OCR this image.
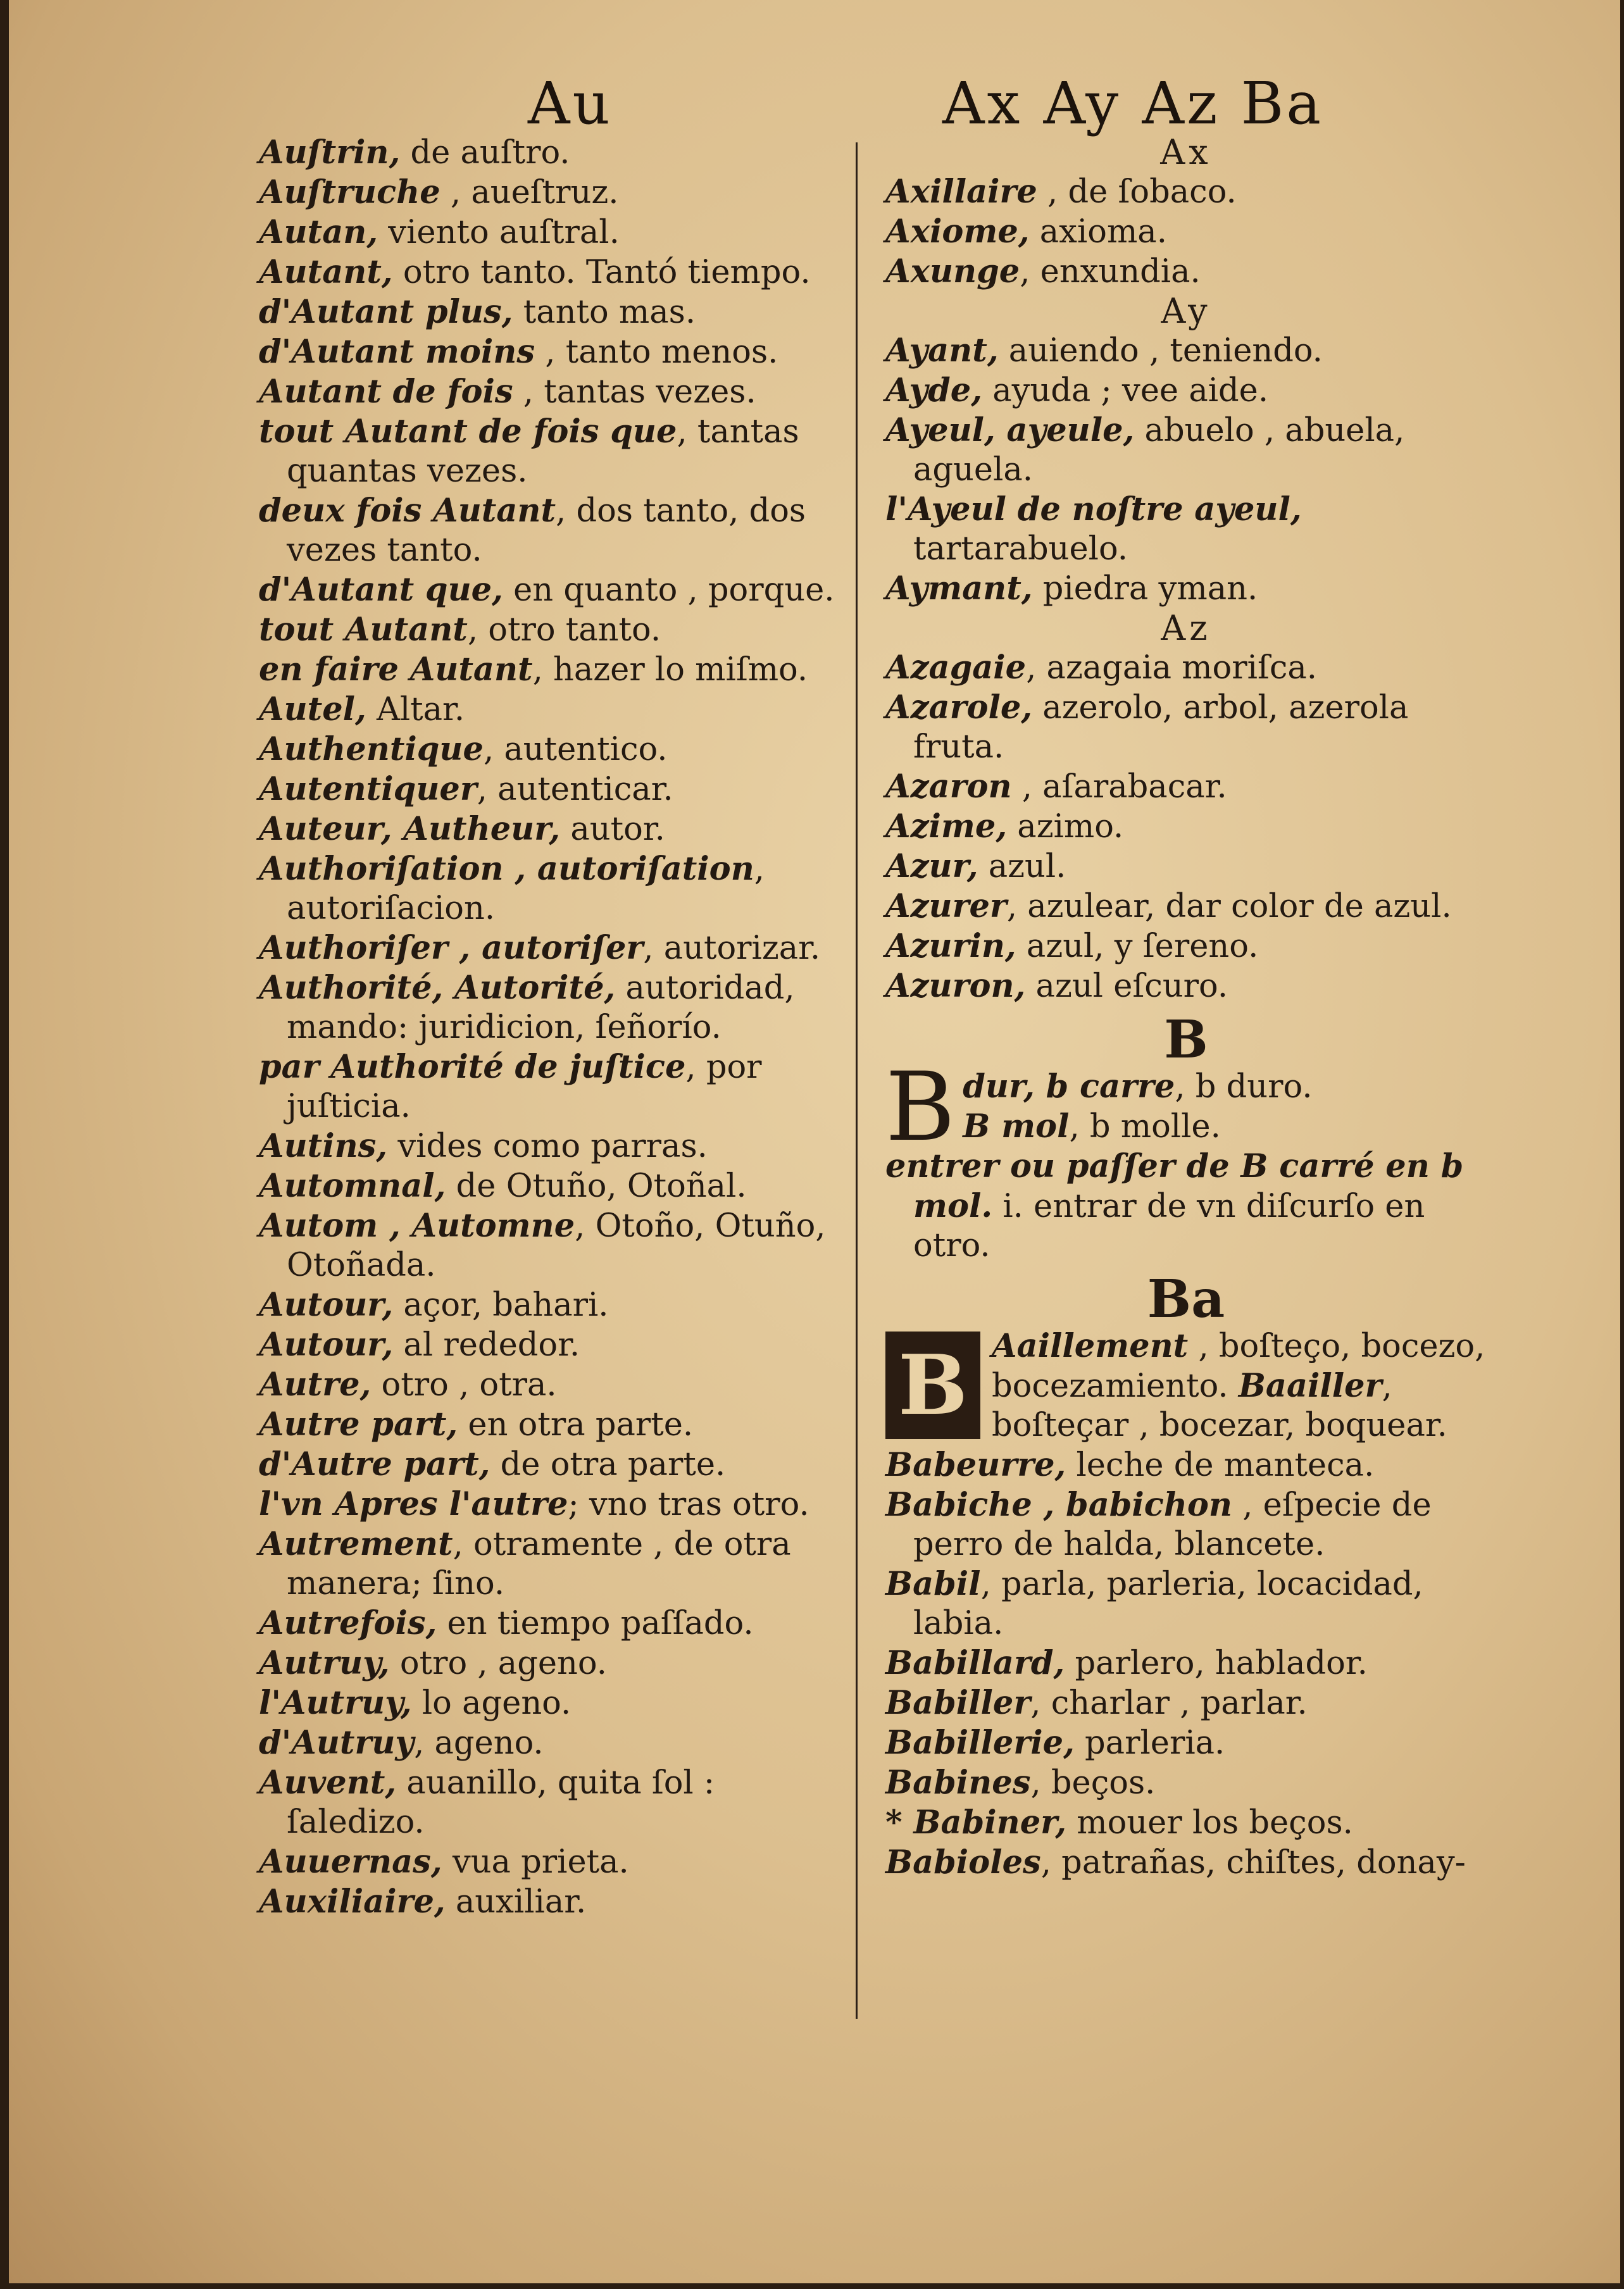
Au	Ax Ay Az Ba

Auſtrin, de auſtro.

Auſtruche , aueſtruz.

Autan, viento auſtral.

Autant, otro tanto. Tantó tiempo.

d'Autant plus, tanto mas.

d'Autant moins , tanto menos.

Autant de fois , tantas vezes.

tout Autant de fois que, tantas quantas vezes.

deux fois Autant, dos tanto, dos vezes tanto.

d'Autant que, en quanto , porque.

tout Autant, otro tanto.

en faire Autant, hazer lo miſmo.

Autel, Altar.

Authentique, autentico.

Autentiquer, autenticar.

Auteur, Autheur, autor.

Authoriſation , autoriſation, autoriſacion.

Authoriſer , autoriſer, autorizar.

Authorité, Autorité, autoridad, mando: juridicion, ſeñorío.

par Authorité de juſtice, por juſticia.

Autins, vides como parras.

Automnal, de Otuño, Otoñal.

Autom , Automne, Otoño, Otuño, Otoñada.

Autour, açor, bahari.

Autour, al rededor.

Autre, otro , otra.

Autre part, en otra parte.

d'Autre part, de otra parte.

l'vn Apres l'autre; vno tras otro.

Autrement, otramente , de otra manera; ſino.

Autrefois, en tiempo paſſado.

Autruy, otro , ageno.

l'Autruy, lo ageno.

d'Autruy, ageno.

Auvent, auanillo, quita ſol : ſaledizo.

Auuernas, vua prieta.

Auxiliaire, auxiliar.

Ax

Axillaire , de ſobaco.

Axiome, axioma.

Axunge, enxundia.

Ay

Ayant, auiendo , teniendo.

Ayde, ayuda ; vee aide.

Ayeul, ayeule, abuelo , abuela, aguela.

l'Ayeul de noſtre ayeul, tartarabuelo.

Aymant, piedra yman.

Az

Azagaie, azagaia moriſca.

Azarole, azerolo, arbol, azerola fruta.

Azaron , aſarabacar.

Azime, azimo.

Azur, azul.

Azurer, azulear, dar color de azul.

Azurin, azul, y ſereno.

Azuron, azul eſcuro.

B

B dur, b carre, b duro.
B mol, b molle.

entrer ou paſſer de B carré en b mol. i. entrar de vn diſcurſo en otro.

Ba

B Aaillement , boſteço, bocezo, bocezamiento. Baailler, boſteçar , bocezar, boquear.

Babeurre, leche de manteca.

Babiche , babichon , eſpecie de perro de halda, blancete.

Babil, parla, parleria, locacidad, labia.

Babillard, parlero, hablador.

Babiller, charlar , parlar.

Babillerie, parleria.

Babines, beços.

* Babiner, mouer los beços.

Babioles, patrañas, chiſtes, donay-
